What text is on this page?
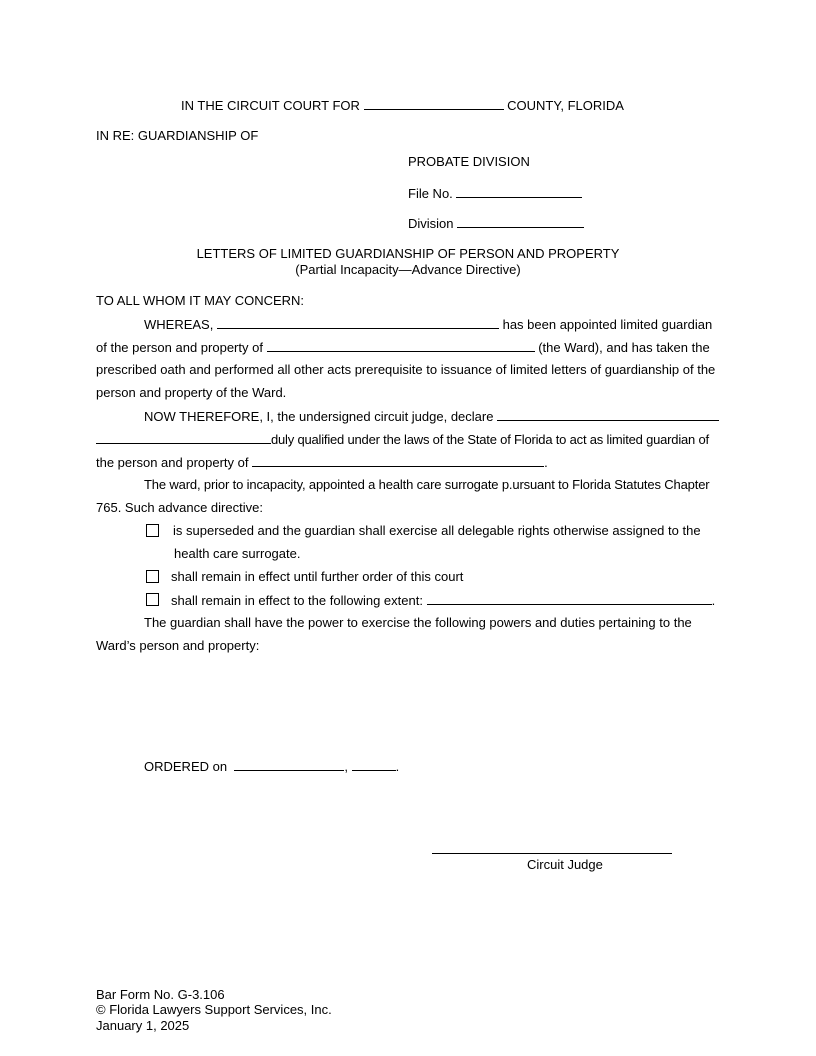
IN THE CIRCUIT COURT FOR	COUNTY, FLORIDA
IN RE: GUARDIANSHIP OF
PROBATE DIVISION
File No.
Division
LETTERS OF LIMITED GUARDIANSHIP OF PERSON AND PROPERTY
(Partial Incapacity—Advance Directive)
TO ALL WHOM IT MAY CONCERN:
WHEREAS,	has been appointed limited guardian
of the person and property of	(the Ward), and has taken the
prescribed oath and performed all other acts prerequisite to issuance of limited letters of guardianship of the
person and property of the Ward.
NOW THEREFORE, I, the undersigned circuit judge, declare
duly qualified under the laws of the State of Florida to act as limited guardian of
the person and property of	.
The ward, prior to incapacity, appointed a health care surrogate p.ursuant to Florida Statutes Chapter
765. Such advance directive:
is superseded and the guardian shall exercise all delegable rights otherwise assigned to the
health care surrogate.
shall remain in effect until further order of this court
shall remain in effect to the following extent:	.
The guardian shall have the power to exercise the following powers and duties pertaining to the
Ward’s person and property:
ORDERED on	,	.
Circuit Judge
Bar Form No. G-3.106
© Florida Lawyers Support Services, Inc.
January 1, 2025
